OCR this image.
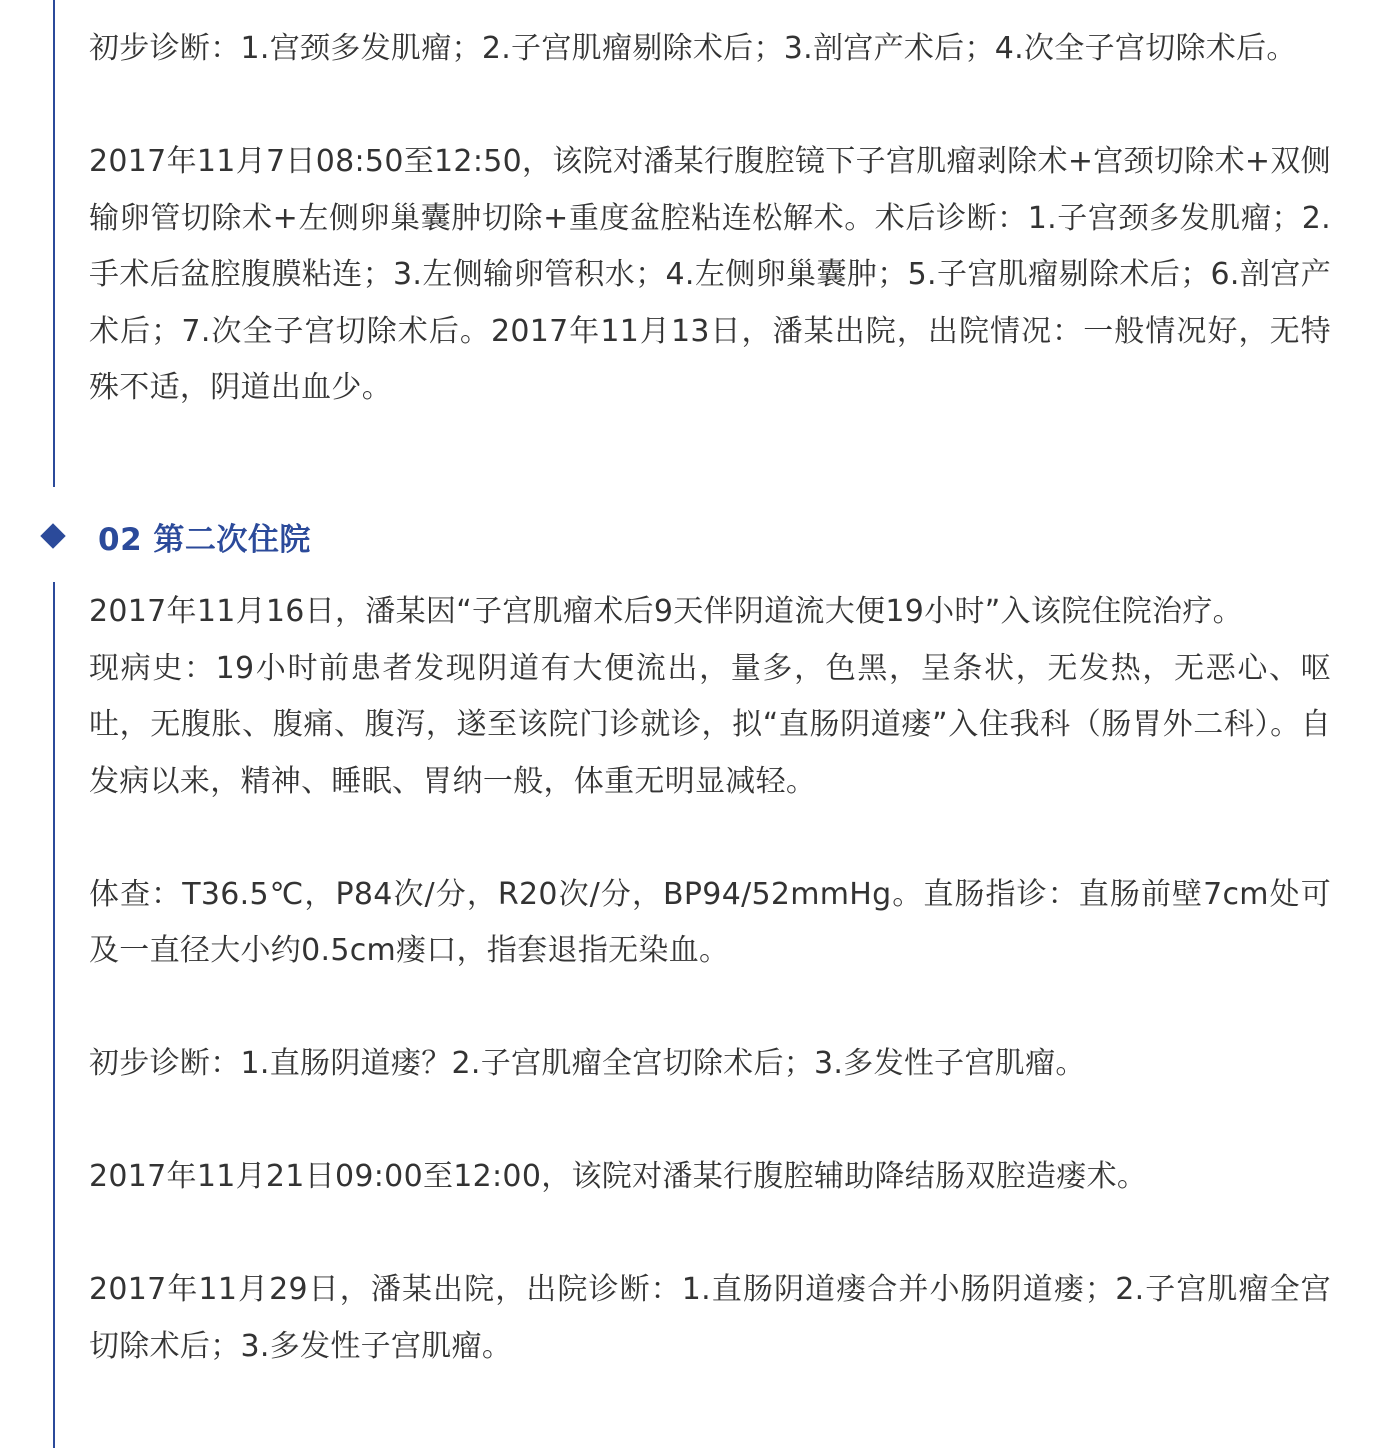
初步诊断：1.宫颈多发肌瘤；2.子宫肌瘤剔除术后；3.剖宫产术后；4.次全子宫切除术后。

2017年11月7日08:50至12:50，该院对潘某行腹腔镜下子宫肌瘤剥除术+宫颈切除术+双侧输卵管切除术+左侧卵巢囊肿切除+重度盆腔粘连松解术。术后诊断：1.子宫颈多发肌瘤；2.手术后盆腔腹膜粘连；3.左侧输卵管积水；4.左侧卵巢囊肿；5.子宫肌瘤剔除术后；6.剖宫产术后；7.次全子宫切除术后。2017年11月13日，潘某出院，出院情况：一般情况好，无特殊不适，阴道出血少。

02 第二次住院

2017年11月16日，潘某因“子宫肌瘤术后9天伴阴道流大便19小时”入该院住院治疗。

现病史：19小时前患者发现阴道有大便流出，量多，色黑，呈条状，无发热，无恶心、呕吐，无腹胀、腹痛、腹泻，遂至该院门诊就诊，拟“直肠阴道瘘”入住我科（肠胃外二科）。自发病以来，精神、睡眠、胃纳一般，体重无明显减轻。

体查：T36.5℃，P84次/分，R20次/分，BP94/52mmHg。直肠指诊：直肠前壁7cm处可及一直径大小约0.5cm瘘口，指套退指无染血。

初步诊断：1.直肠阴道瘘？2.子宫肌瘤全宫切除术后；3.多发性子宫肌瘤。

2017年11月21日09:00至12:00，该院对潘某行腹腔辅助降结肠双腔造瘘术。

2017年11月29日，潘某出院，出院诊断：1.直肠阴道瘘合并小肠阴道瘘；2.子宫肌瘤全宫切除术后；3.多发性子宫肌瘤。
